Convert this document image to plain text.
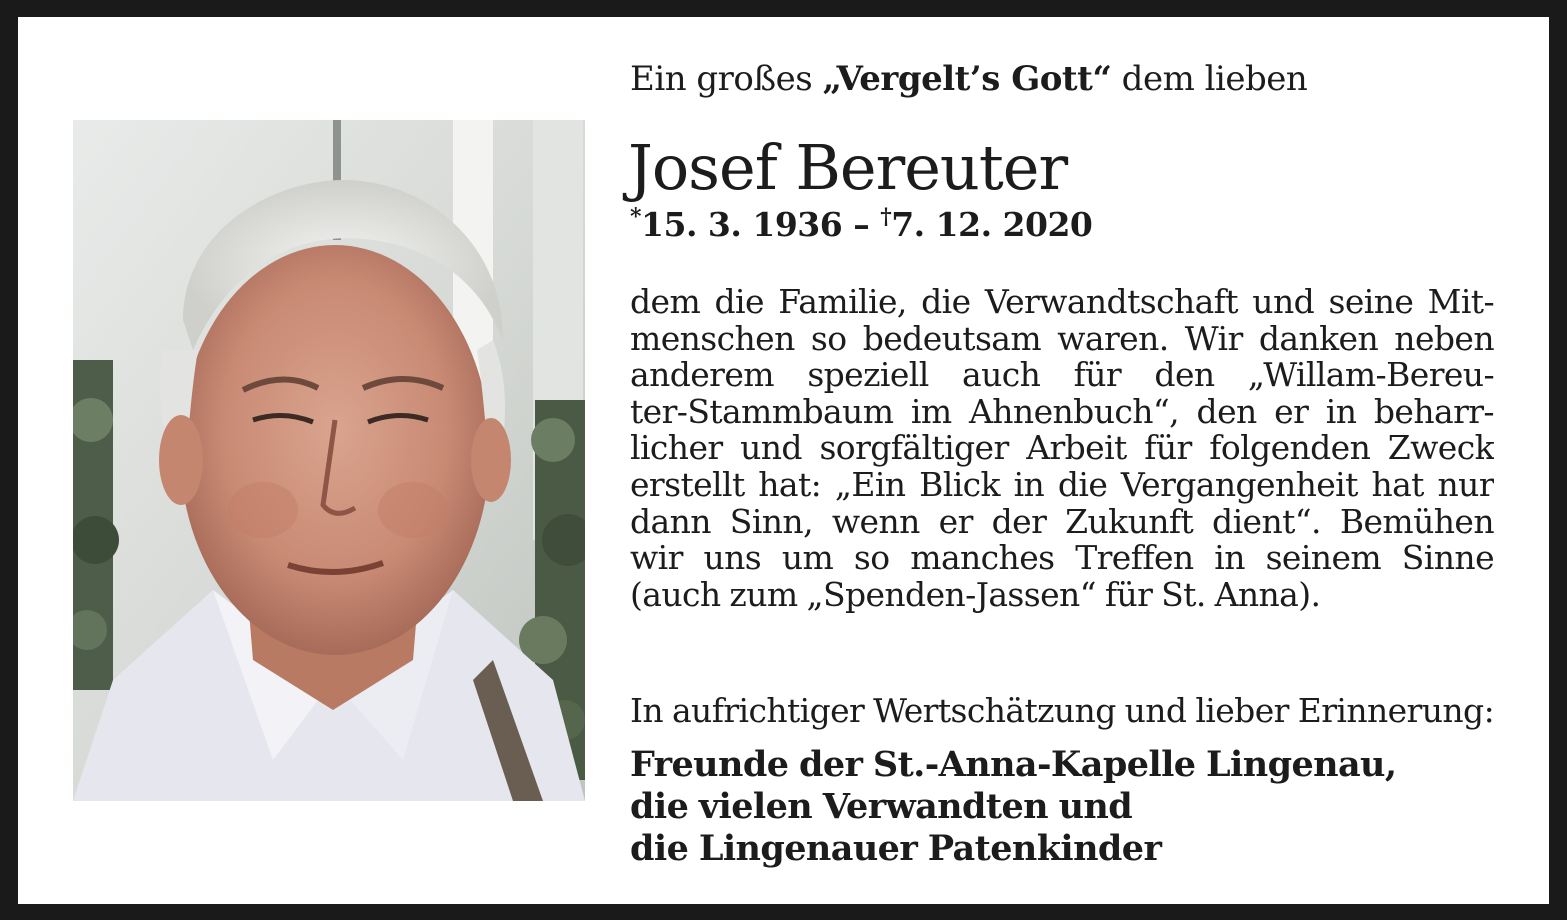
Ein großes „Vergelt’s Gott“ dem lieben
Josef Bereuter
*15. 3. 1936 – †7. 12. 2020
dem die Familie, die Verwandtschaft und seine Mit-
menschen so bedeutsam waren. Wir danken neben
anderem speziell auch für den „Willam-Bereu-
ter-Stammbaum im Ahnenbuch“, den er in beharr-
licher und sorgfältiger Arbeit für folgenden Zweck
erstellt hat: „Ein Blick in die Vergangenheit hat nur
dann Sinn, wenn er der Zukunft dient“. Bemühen
wir uns um so manches Treffen in seinem Sinne
(auch zum „Spenden-Jassen“ für St. Anna).
In aufrichtiger Wertschätzung und lieber Erinnerung:
Freunde der St.-Anna-Kapelle Lingenau,
die vielen Verwandten und
die Lingenauer Patenkinder
